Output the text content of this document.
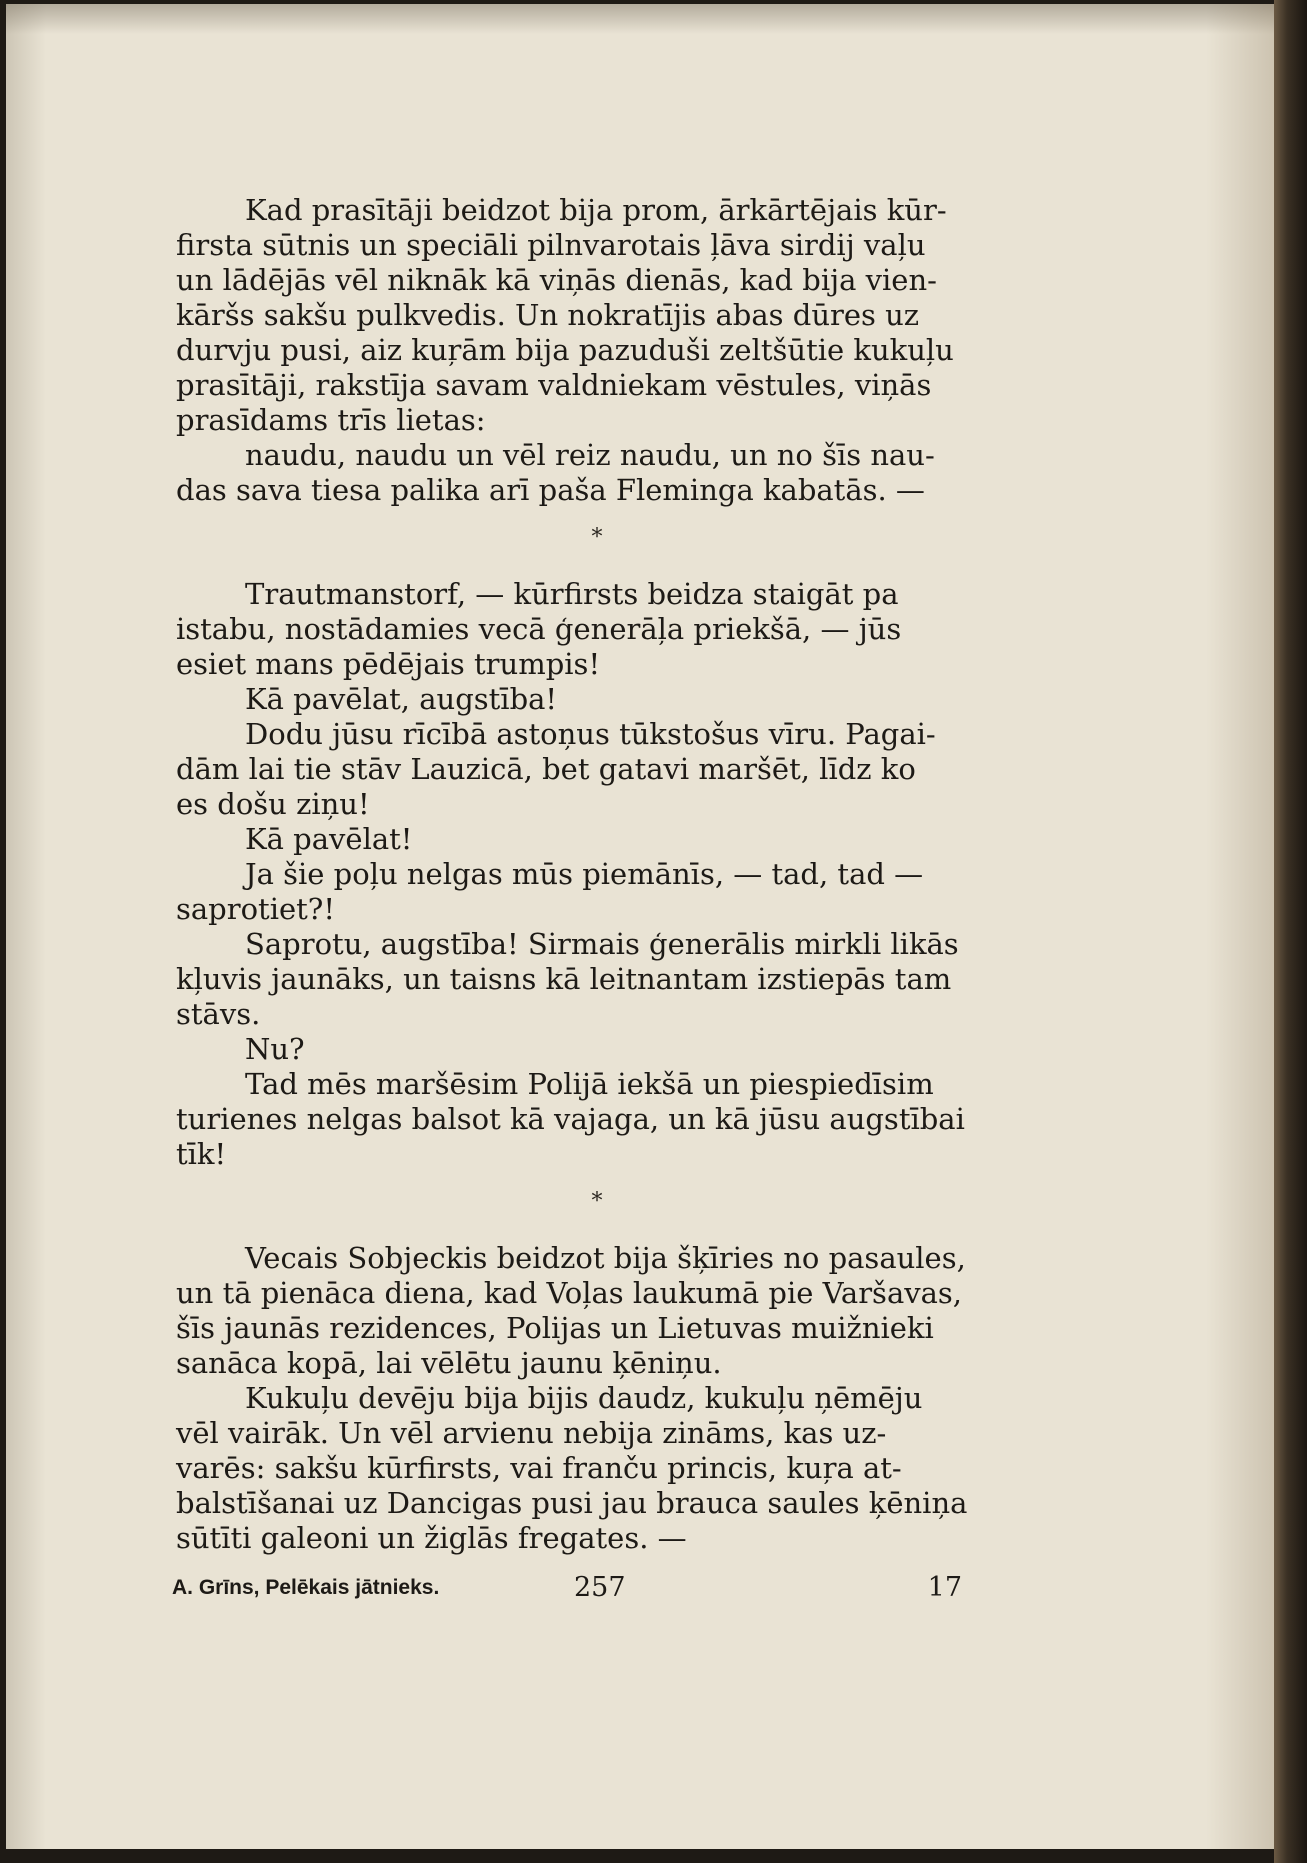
Kad prasītāji beidzot bija prom, ārkārtējais kūr-
firsta sūtnis un speciāli pilnvarotais ļāva sirdij vaļu
un lādējās vēl niknāk kā viņās dienās, kad bija vien-
kāršs sakšu pulkvedis. Un nokratījis abas dūres uz
durvju pusi, aiz kuŗām bija pazuduši zeltšūtie kukuļu
prasītāji, rakstīja savam valdniekam vēstules, viņās
prasīdams trīs lietas:

naudu, naudu un vēl reiz naudu, un no šīs nau-
das sava tiesa palika arī paša Fleminga kabatās. —

*

Trautmanstorf, — kūrfirsts beidza staigāt pa
istabu, nostādamies vecā ģenerāļa priekšā, — jūs
esiet mans pēdējais trumpis!

Kā pavēlat, augstība!

Dodu jūsu rīcībā astoņus tūkstošus vīru. Pagai-
dām lai tie stāv Lauzicā, bet gatavi maršēt, līdz ko
es došu ziņu!

Kā pavēlat!

Ja šie poļu nelgas mūs piemānīs, — tad, tad —
saprotiet?!

Saprotu, augstība! Sirmais ģenerālis mirkli likās
kļuvis jaunāks, un taisns kā leitnantam izstiepās tam
stāvs.

Nu?

Tad mēs maršēsim Polijā iekšā un piespiedīsim
turienes nelgas balsot kā vajaga, un kā jūsu augstībai
tīk!

*

Vecais Sobjeckis beidzot bija šķīries no pasaules,
un tā pienāca diena, kad Voļas laukumā pie Varšavas,
šīs jaunās rezidences, Polijas un Lietuvas muižnieki
sanāca kopā, lai vēlētu jaunu ķēniņu.

Kukuļu devēju bija bijis daudz, kukuļu ņēmēju
vēl vairāk. Un vēl arvienu nebija zināms, kas uz-
varēs: sakšu kūrfirsts, vai franču princis, kuŗa at-
balstīšanai uz Dancigas pusi jau brauca saules ķēniņa
sūtīti galeoni un žiglās fregates. —

A. Grīns, Pelēkais jātnieks.	257	17
